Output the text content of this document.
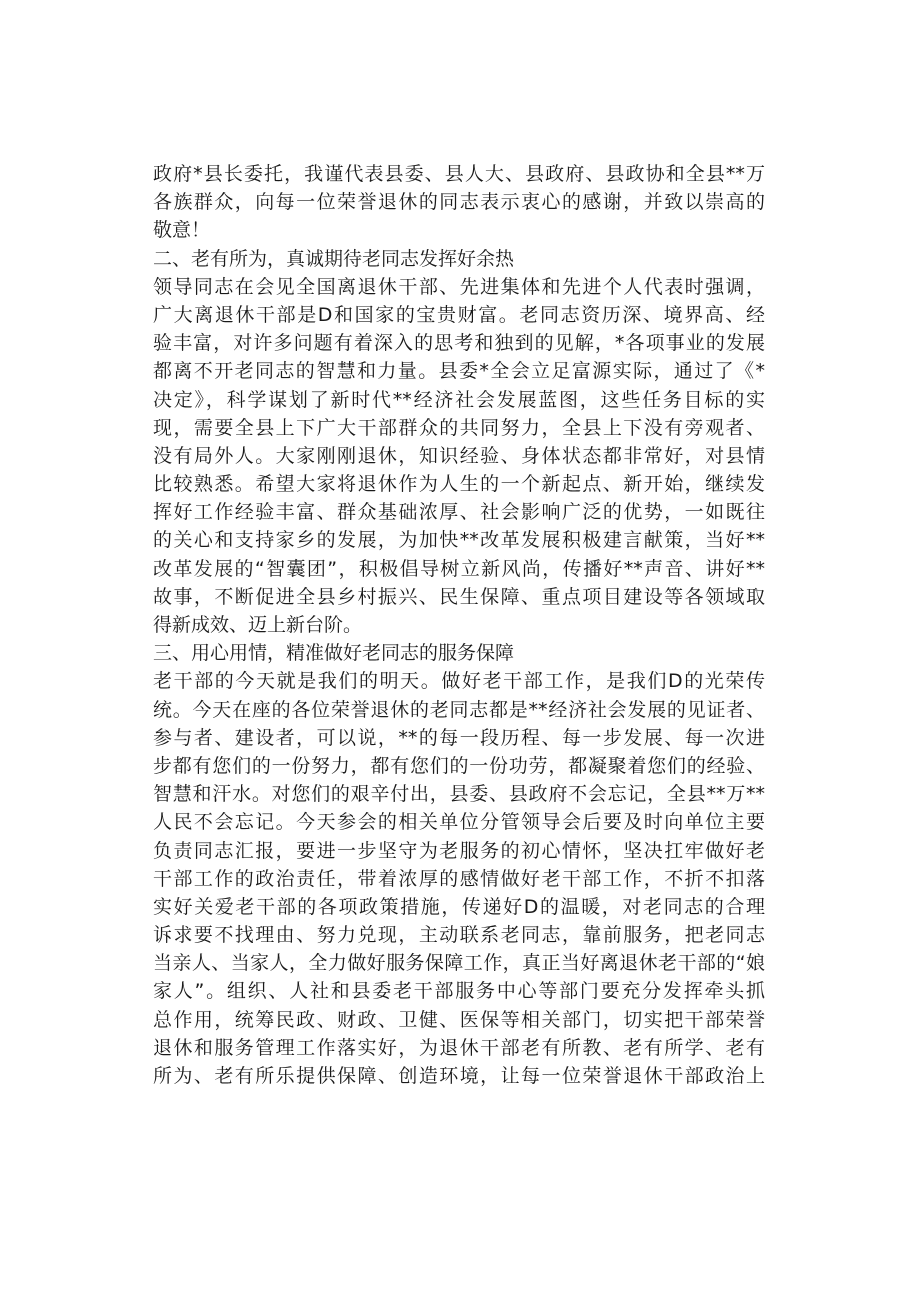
政府*县长委托，我谨代表县委、县人大、县政府、县政协和全县**万
各族群众，向每一位荣誉退休的同志表示衷心的感谢，并致以崇高的
敬意！
二、老有所为，真诚期待老同志发挥好余热
领导同志在会见全国离退休干部、先进集体和先进个人代表时强调，
广大离退休干部是D和国家的宝贵财富。老同志资历深、境界高、经
验丰富，对许多问题有着深入的思考和独到的见解，*各项事业的发展
都离不开老同志的智慧和力量。县委*全会立足富源实际，通过了《*
决定》，科学谋划了新时代**经济社会发展蓝图，这些任务目标的实
现，需要全县上下广大干部群众的共同努力，全县上下没有旁观者、
没有局外人。大家刚刚退休，知识经验、身体状态都非常好，对县情
比较熟悉。希望大家将退休作为人生的一个新起点、新开始，继续发
挥好工作经验丰富、群众基础浓厚、社会影响广泛的优势，一如既往
的关心和支持家乡的发展，为加快**改革发展积极建言献策，当好**
改革发展的“智囊团”，积极倡导树立新风尚，传播好**声音、讲好**
故事，不断促进全县乡村振兴、民生保障、重点项目建设等各领域取
得新成效、迈上新台阶。
三、用心用情，精准做好老同志的服务保障
老干部的今天就是我们的明天。做好老干部工作，是我们D的光荣传
统。今天在座的各位荣誉退休的老同志都是**经济社会发展的见证者、
参与者、建设者，可以说，**的每一段历程、每一步发展、每一次进
步都有您们的一份努力，都有您们的一份功劳，都凝聚着您们的经验、
智慧和汗水。对您们的艰辛付出，县委、县政府不会忘记，全县**万**
人民不会忘记。今天参会的相关单位分管领导会后要及时向单位主要
负责同志汇报，要进一步坚守为老服务的初心情怀，坚决扛牢做好老
干部工作的政治责任，带着浓厚的感情做好老干部工作，不折不扣落
实好关爱老干部的各项政策措施，传递好D的温暖，对老同志的合理
诉求要不找理由、努力兑现，主动联系老同志，靠前服务，把老同志
当亲人、当家人，全力做好服务保障工作，真正当好离退休老干部的“娘
家人”。组织、人社和县委老干部服务中心等部门要充分发挥牵头抓
总作用，统筹民政、财政、卫健、医保等相关部门，切实把干部荣誉
退休和服务管理工作落实好，为退休干部老有所教、老有所学、老有
所为、老有所乐提供保障、创造环境，让每一位荣誉退休干部政治上
